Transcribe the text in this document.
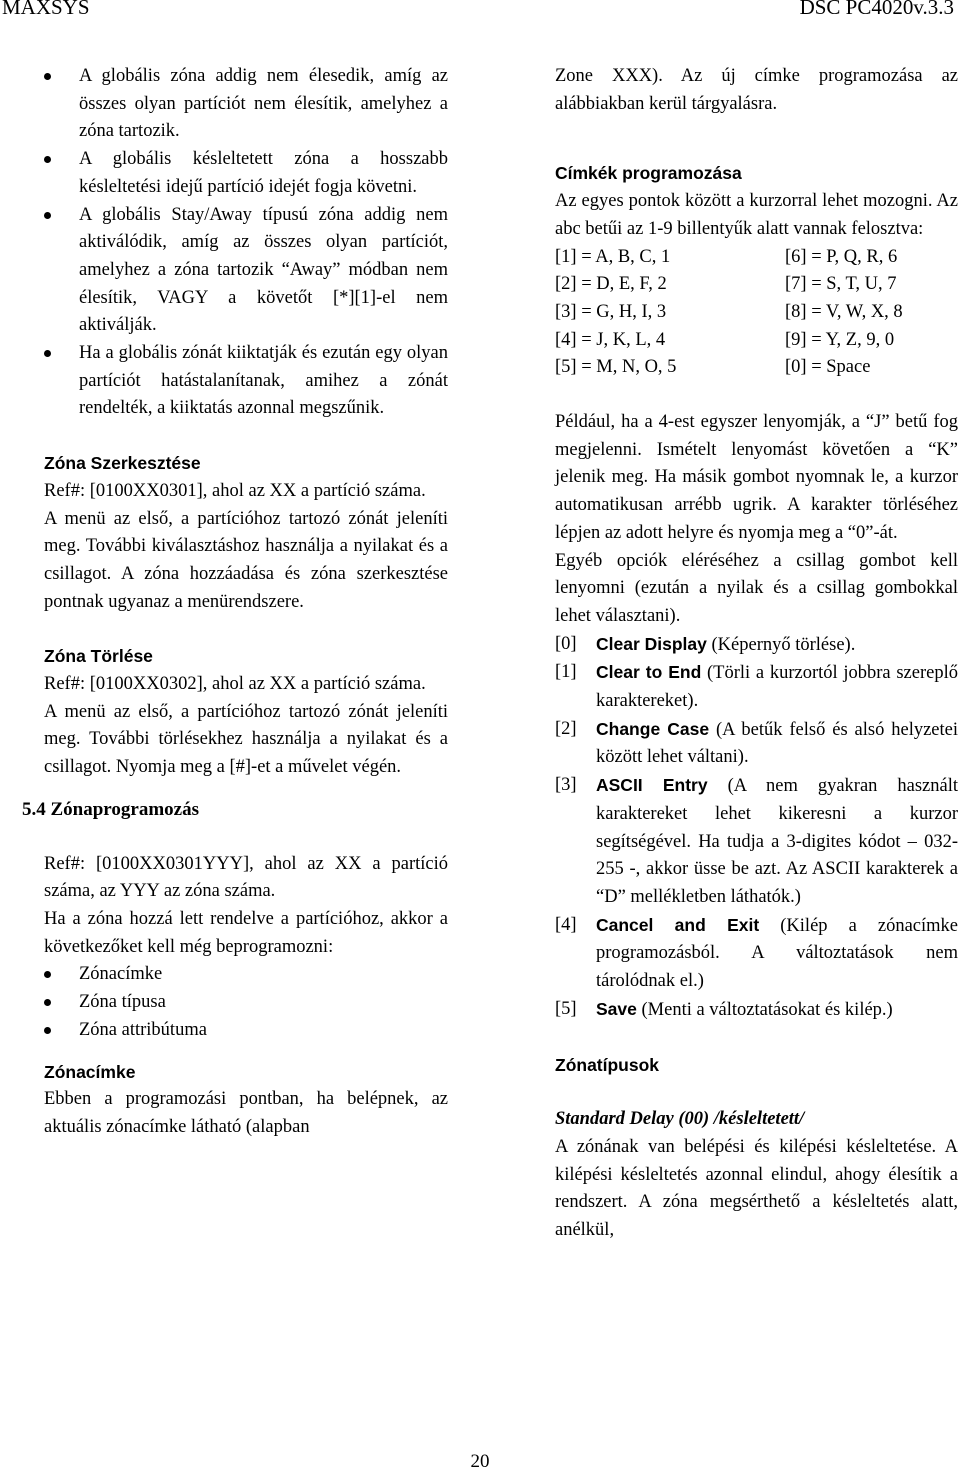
MAXSYS	DSC PC4020v.3.3

A globális zóna addig nem élesedik, amíg az összes olyan partíciót nem élesítik, amelyhez a zóna tartozik.

A globális késleltetett zóna a hosszabb késleltetési idejű partíció idejét fogja követni.

A globális Stay/Away típusú zóna addig nem aktiválódik, amíg az összes olyan partíciót, amelyhez a zóna tartozik “Away” módban nem élesítik, VAGY a követőt [*][1]-el nem aktiválják.

Ha a globális zónát kiiktatják és ezután egy olyan partíciót hatástalanítanak, amihez a zónát rendelték, a kiiktatás azonnal megszűnik.

Zóna Szerkesztése

Ref#: [0100XX0301], ahol az XX a partíció száma.

A menü az első, a partícióhoz tartozó zónát jeleníti meg. További kiválasztáshoz használja a nyilakat és a csillagot. A zóna hozzáadása és zóna szerkesztése pontnak ugyanaz a menürendszere.

Zóna Törlése

Ref#: [0100XX0302], ahol az XX a partíció száma.

A menü az első, a partícióhoz tartozó zónát jeleníti meg. További törlésekhez használja a nyilakat és a csillagot. Nyomja meg a [#]-et a művelet végén.

5.4 Zónaprogramozás

Ref#: [0100XX0301YYY], ahol az XX a partíció száma, az YYY az zóna száma.

Ha a zóna hozzá lett rendelve a partícióhoz, akkor a következőket kell még beprogramozni:

Zónacímke

Zóna típusa

Zóna attribútuma

Zónacímke

Ebben a programozási pontban, ha belépnek, az aktuális zónacímke látható (alapban

Zone XXX). Az új címke programozása az alábbiakban kerül tárgyalásra.

Címkék programozása

Az egyes pontok között a kurzorral lehet mozogni. Az abc betűi az 1-9 billentyűk alatt vannak felosztva:

[1] = A, B, C, 1	[6] = P, Q, R, 6
[2] = D, E, F, 2	[7] = S, T, U, 7
[3] = G, H, I, 3	[8] = V, W, X, 8
[4] = J, K, L, 4	[9] = Y, Z, 9, 0
[5] = M, N, O, 5	[0] = Space

Például, ha a 4-est egyszer lenyomják, a “J” betű fog megjelenni. Ismételt lenyomást követően a “K” jelenik meg. Ha másik gombot nyomnak le, a kurzor automatikusan arrébb ugrik. A karakter törléséhez lépjen az adott helyre és nyomja meg a “0”-át.

Egyéb opciók eléréséhez a csillag gombot kell lenyomni (ezután a nyilak és a csillag gombokkal lehet választani).

[0]	Clear Display (Képernyő törlése).
[1]	Clear to End (Törli a kurzortól jobbra szereplő karaktereket).
[2]	Change Case (A betűk felső és alsó helyzetei között lehet váltani).
[3]	ASCII Entry (A nem gyakran használt karaktereket lehet kikeresni a kurzor segítségével. Ha tudja a 3-digites kódot – 032-255 -, akkor üsse be azt. Az ASCII karakterek a “D” mellékletben láthatók.)
[4]	Cancel and Exit (Kilép a zónacímke programozásból. A változtatások nem tárolódnak el.)
[5]	Save (Menti a változtatásokat és kilép.)

Zónatípusok

Standard Delay (00) /késleltetett/

A zónának van belépési és kilépési késleltetése. A kilépési késleltetés azonnal elindul, ahogy élesítik a rendszert. A zóna megsérthető a késleltetés alatt, anélkül,

20
